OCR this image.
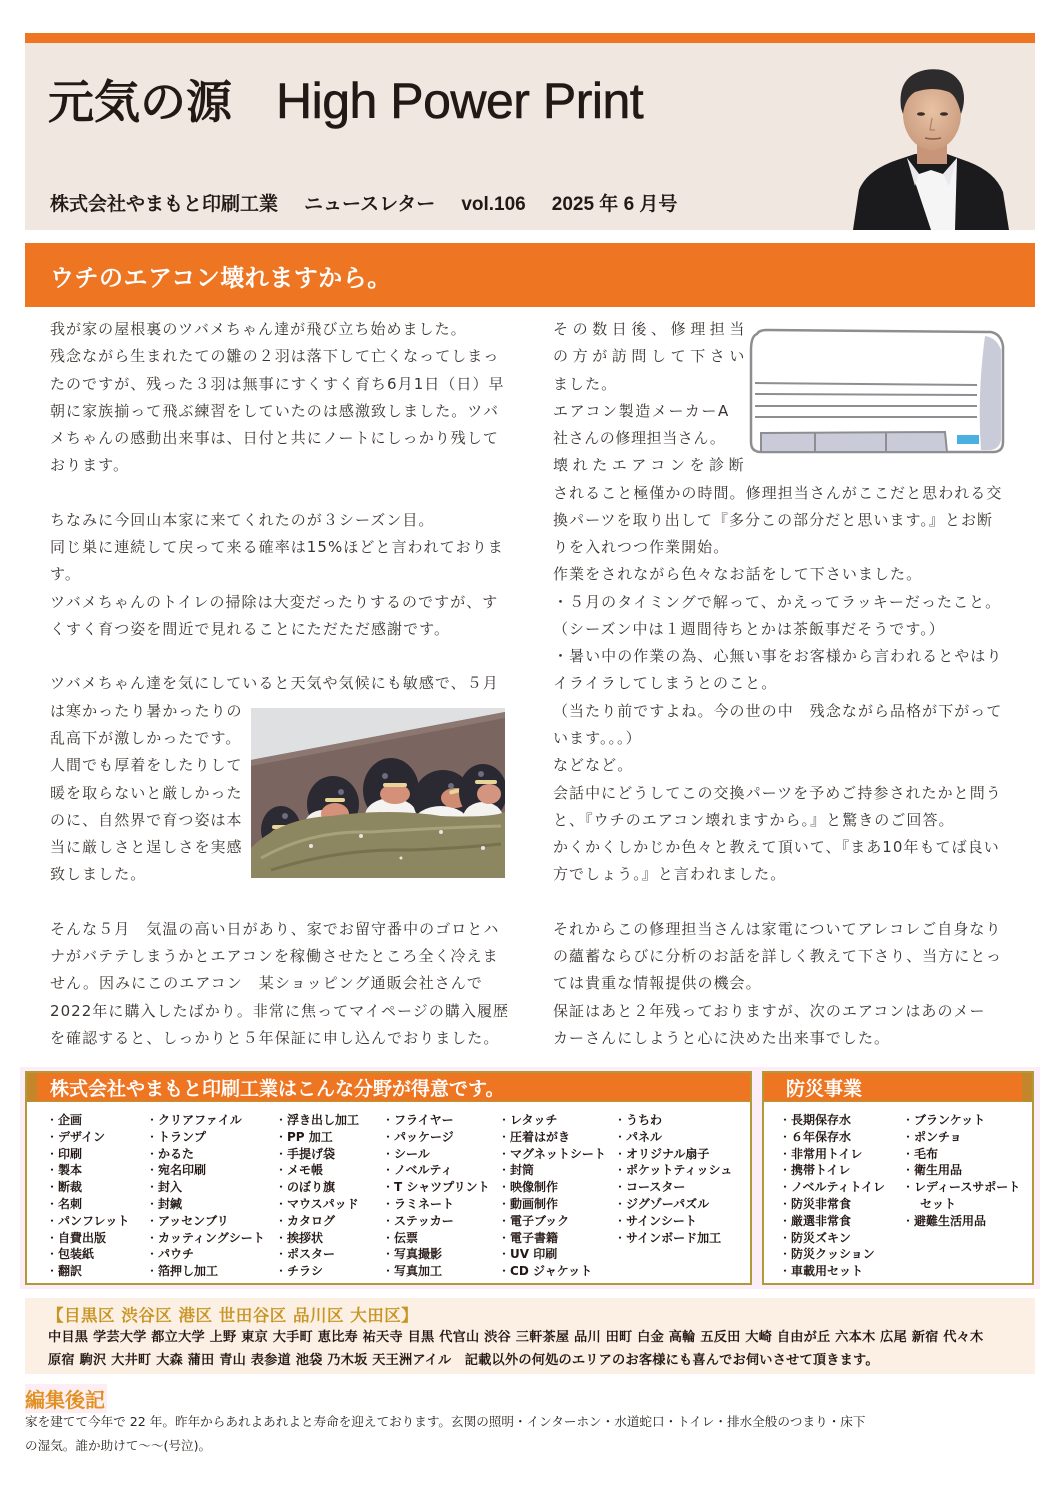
元気の源 High Power Print
株式会社やまもと印刷工業 ニュースレター vol.106 2025 年 6 月号
ウチのエアコン壊れますから。
我が家の屋根裏のツバメちゃん達が飛び立ち始めました。
残念ながら生まれたての雛の２羽は落下して亡くなってしまっ
たのですが、残った３羽は無事にすくすく育ち6月1日（日）早
朝に家族揃って飛ぶ練習をしていたのは感激致しました。ツバ
メちゃんの感動出来事は、日付と共にノートにしっかり残して
おります。
ちなみに今回山本家に来てくれたのが３シーズン目。
同じ巣に連続して戻って来る確率は15%ほどと言われておりま
す。
ツバメちゃんのトイレの掃除は大変だったりするのですが、す
くすく育つ姿を間近で見れることにただただ感謝です。
ツバメちゃん達を気にしていると天気や気候にも敏感で、５月
は寒かったり暑かったりの
乱高下が激しかったです。
人間でも厚着をしたりして
暖を取らないと厳しかった
のに、自然界で育つ姿は本
当に厳しさと逞しさを実感
致しました。
そんな５月　気温の高い日があり、家でお留守番中のゴロとハ
ナがバテテしまうかとエアコンを稼働させたところ全く冷えま
せん。因みにこのエアコン　某ショッピング通販会社さんで
2022年に購入したばかり。非常に焦ってマイページの購入履歴
を確認すると、しっかりと５年保証に申し込んでおりました。
その数日後、修理担当
の方が訪問して下さい
ました。
エアコン製造メーカーA
社さんの修理担当さん。
壊れたエアコンを診断
されること極僅かの時間。修理担当さんがここだと思われる交
換パーツを取り出して『多分この部分だと思います。』とお断
りを入れつつ作業開始。
作業をされながら色々なお話をして下さいました。
・５月のタイミングで解って、かえってラッキーだったこと。
（シーズン中は１週間待ちとかは茶飯事だそうです。）
・暑い中の作業の為、心無い事をお客様から言われるとやはり
イライラしてしまうとのこと。
（当たり前ですよね。今の世の中　残念ながら品格が下がって
います。。。）
などなど。
会話中にどうしてこの交換パーツを予めご持参されたかと問う
と、『ウチのエアコン壊れますから。』と驚きのご回答。
かくかくしかじか色々と教えて頂いて、『まあ10年もてば良い
方でしょう。』と言われました。
それからこの修理担当さんは家電についてアレコレご自身なり
の蘊蓄ならびに分析のお話を詳しく教えて下さり、当方にとっ
ては貴重な情報提供の機会。
保証はあと２年残っておりますが、次のエアコンはあのメー
カーさんにしようと心に決めた出来事でした。
株式会社やまもと印刷工業はこんな分野が得意です。
・ 企画
・ デザイン
・ 印刷
・ 製本
・ 断裁
・ 名刺
・ パンフレット
・ 自費出版
・ 包装紙
・ 翻訳
・ クリアファイル
・ トランプ
・ かるた
・ 宛名印刷
・ 封入
・ 封緘
・ アッセンブリ
・ カッティングシート
・ パウチ
・ 箔押し加工
・ 浮き出し加工
・ PP 加工
・ 手提げ袋
・ メモ帳
・ のぼり旗
・ マウスパッド
・ カタログ
・ 挨拶状
・ ポスター
・ チラシ
・ フライヤー
・ パッケージ
・ シール
・ ノベルティ
・ T シャツプリント
・ ラミネート
・ ステッカー
・ 伝票
・ 写真撮影
・ 写真加工
・ レタッチ
・ 圧着はがき
・ マグネットシート
・ 封筒
・ 映像制作
・ 動画制作
・ 電子ブック
・ 電子書籍
・ UV 印刷
・ CD ジャケット
・ うちわ
・ パネル
・ オリジナル扇子
・ ポケットティッシュ
・ コースター
・ ジグゾーパズル
・ サインシート
・ サインボード加工
防災事業
・ 長期保存水
・ ６年保存水
・ 非常用トイレ
・ 携帯トイレ
・ ノベルティトイレ
・ 防災非常食
・ 厳選非常食
・ 防災ズキン
・ 防災クッション
・ 車載用セット
・ ブランケット
・ ポンチョ
・ 毛布
・ 衛生用品
・ レディースサポート
セット
・ 避難生活用品
【目黒区 渋谷区 港区 世田谷区 品川区 大田区】
中目黒 学芸大学 都立大学 上野 東京 大手町 恵比寿 祐天寺 目黒 代官山 渋谷 三軒茶屋 品川 田町 白金 高輪 五反田 大崎 自由が丘 六本木 広尾 新宿 代々木
原宿 駒沢 大井町 大森 蒲田 青山 表参道 池袋 乃木坂 天王洲アイル　記載以外の何処のエリアのお客様にも喜んでお伺いさせて頂きます。
編集後記
家を建てて今年で 22 年。昨年からあれよあれよと寿命を迎えております。玄関の照明・インターホン・水道蛇口・トイレ・排水全般のつまり・床下
の湿気。誰か助けて〜〜(号泣)。
